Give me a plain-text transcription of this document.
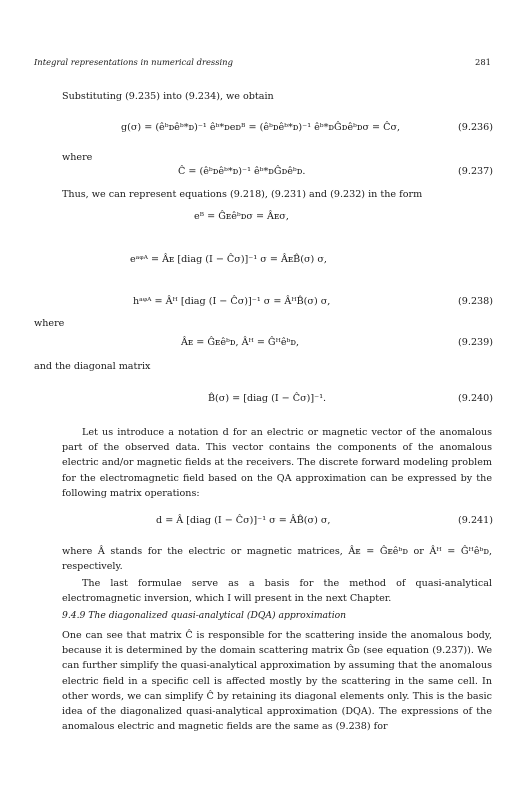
Integral representations in numerical dressing	281

Substituting (9.235) into (9.234), we obtain

g(σ) = (êᵇᴅêᵇ*ᴅ)⁻¹ êᵇ*ᴅeᴅᴮ = (êᵇᴅêᵇ*ᴅ)⁻¹ êᵇ*ᴅĜᴅêᵇᴅσ = Ĉσ,	(9.236)

where

Ĉ = (êᵇᴅêᵇ*ᴅ)⁻¹ êᵇ*ᴅĜᴅêᵇᴅ.	(9.237)

Thus, we can represent equations (9.218), (9.231) and (9.232) in the form

eᴮ = Ĝᴇêᵇᴅσ = Âᴇσ,
eᵃᵠᴬ = Âᴇ [diag (I − Ĉσ)]⁻¹ σ = ÂᴇB̂(σ) σ,
hᵃᵠᴬ = Âᴴ [diag (I − Ĉσ)]⁻¹ σ = ÂᴴB̂(σ) σ,	(9.238)
where
Âᴇ = Ĝᴇêᵇᴅ, Âᴴ = Ĝᴴêᵇᴅ,	(9.239)
and the diagonal matrix
B̂(σ) = [diag (I − Ĉσ)]⁻¹.	(9.240)

Let us introduce a notation d for an electric or magnetic vector of the anomalous part of the observed data. This vector contains the components of the anomalous electric and/or magnetic fields at the receivers. The discrete forward modeling problem for the electromagnetic field based on the QA approximation can be expressed by the following matrix operations:

d = Â [diag (I − Ĉσ)]⁻¹ σ = ÂB̂(σ) σ,	(9.241)

where Â stands for the electric or magnetic matrices, Âᴇ = Ĝᴇêᵇᴅ or Âᴴ = Ĝᴴêᵇᴅ, respectively.

The last formulae serve as a basis for the method of quasi-analytical electromagnetic inversion, which I will present in the next Chapter.

9.4.9 The diagonalized quasi-analytical (DQA) approximation

One can see that matrix Ĉ is responsible for the scattering inside the anomalous body, because it is determined by the domain scattering matrix Ĝᴅ (see equation (9.237)). We can further simplify the quasi-analytical approximation by assuming that the anomalous electric field in a specific cell is affected mostly by the scattering in the same cell. In other words, we can simplify Ĉ by retaining its diagonal elements only. This is the basic idea of the diagonalized quasi-analytical approximation (DQA). The expressions of the anomalous electric and magnetic fields are the same as (9.238) for
